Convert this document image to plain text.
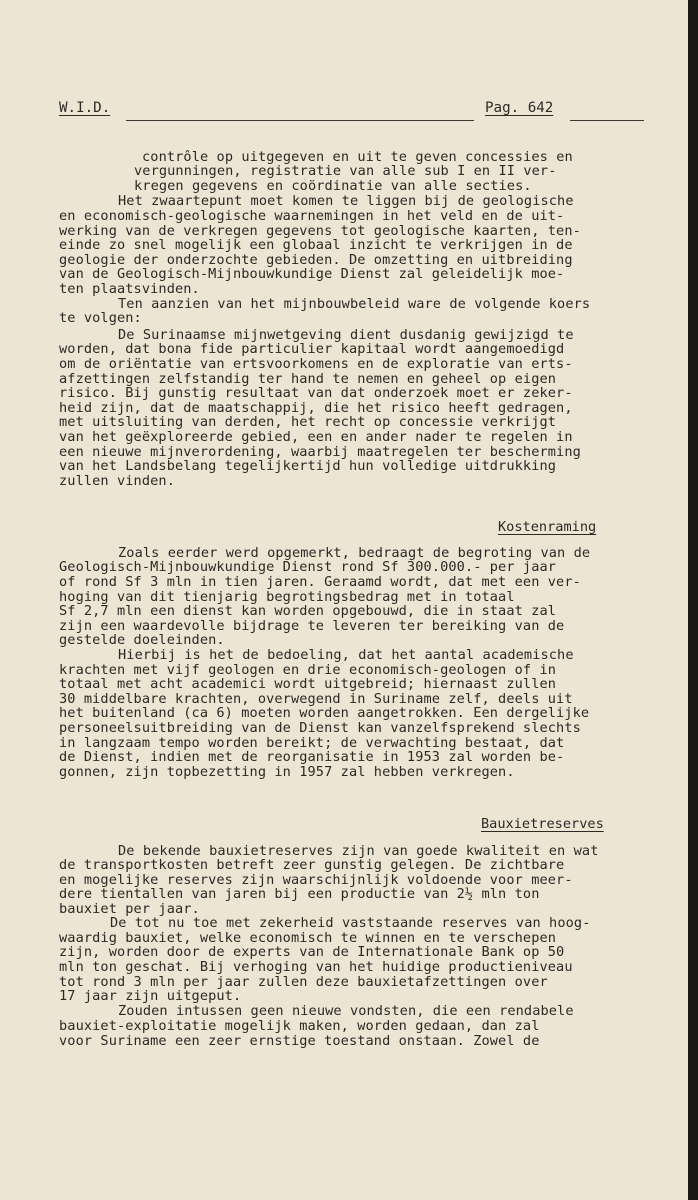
W.I.D.	Pag. 642
Kostenraming
Bauxietreserves
contrôle op uitgegeven en uit te geven concessies en
vergunningen, registratie van alle sub I en II ver-
kregen gegevens en coördinatie van alle secties.
Het zwaartepunt moet komen te liggen bij de geologische
en economisch-geologische waarnemingen in het veld en de uit-
werking van de verkregen gegevens tot geologische kaarten, ten-
einde zo snel mogelijk een globaal inzicht te verkrijgen in de
geologie der onderzochte gebieden. De omzetting en uitbreiding
van de Geologisch-Mijnbouwkundige Dienst zal geleidelijk moe-
ten plaatsvinden.
Ten aanzien van het mijnbouwbeleid ware de volgende koers
te volgen:
De Surinaamse mijnwetgeving dient dusdanig gewijzigd te
worden, dat bona fide particulier kapitaal wordt aangemoedigd
om de oriëntatie van ertsvoorkomens en de exploratie van erts-
afzettingen zelfstandig ter hand te nemen en geheel op eigen
risico. Bij gunstig resultaat van dat onderzoek moet er zeker-
heid zijn, dat de maatschappij, die het risico heeft gedragen,
met uitsluiting van derden, het recht op concessie verkrijgt
van het geëxploreerde gebied, een en ander nader te regelen in
een nieuwe mijnverordening, waarbij maatregelen ter bescherming
van het Landsbelang tegelijkertijd hun volledige uitdrukking
zullen vinden.
Zoals eerder werd opgemerkt, bedraagt de begroting van de
Geologisch-Mijnbouwkundige Dienst rond Sf 300.000.- per jaar
of rond Sf 3 mln in tien jaren. Geraamd wordt, dat met een ver-
hoging van dit tienjarig begrotingsbedrag met in totaal
Sf 2,7 mln een dienst kan worden opgebouwd, die in staat zal
zijn een waardevolle bijdrage te leveren ter bereiking van de
gestelde doeleinden.
Hierbij is het de bedoeling, dat het aantal academische
krachten met vijf geologen en drie economisch-geologen of in
totaal met acht academici wordt uitgebreid; hiernaast zullen
30 middelbare krachten, overwegend in Suriname zelf, deels uit
het buitenland (ca 6) moeten worden aangetrokken. Een dergelijke
personeelsuitbreiding van de Dienst kan vanzelfsprekend slechts
in langzaam tempo worden bereikt; de verwachting bestaat, dat
de Dienst, indien met de reorganisatie in 1953 zal worden be-
gonnen, zijn topbezetting in 1957 zal hebben verkregen.
De bekende bauxietreserves zijn van goede kwaliteit en wat
de transportkosten betreft zeer gunstig gelegen. De zichtbare
en mogelijke reserves zijn waarschijnlijk voldoende voor meer-
dere tientallen van jaren bij een productie van 2½ mln ton
bauxiet per jaar.
De tot nu toe met zekerheid vaststaande reserves van hoog-
waardig bauxiet, welke economisch te winnen en te verschepen
zijn, worden door de experts van de Internationale Bank op 50
mln ton geschat. Bij verhoging van het huidige productieniveau
tot rond 3 mln per jaar zullen deze bauxietafzettingen over
17 jaar zijn uitgeput.
Zouden intussen geen nieuwe vondsten, die een rendabele
bauxiet-exploitatie mogelijk maken, worden gedaan, dan zal
voor Suriname een zeer ernstige toestand onstaan. Zowel de
